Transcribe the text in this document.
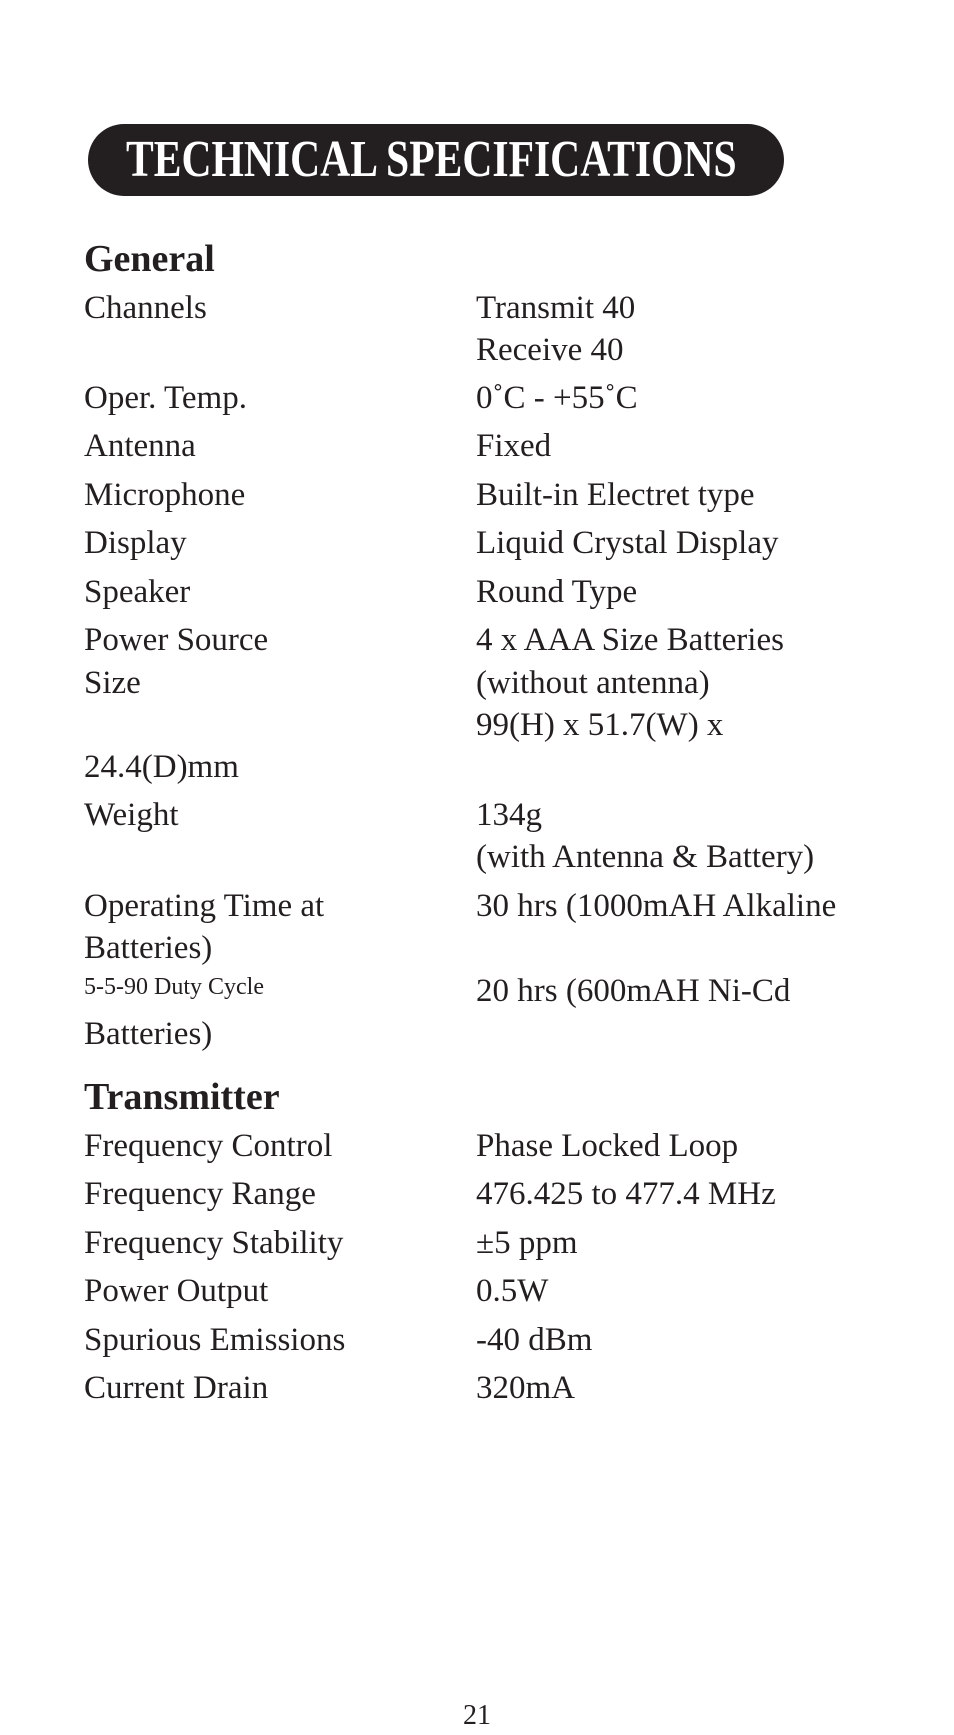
TECHNICAL SPECIFICATIONS
General
Channels	Transmit 40
Receive 40
Oper. Temp.	0˚C - +55˚C
Antenna	Fixed
Microphone	Built-in Electret type
Display	Liquid Crystal Display
Speaker	Round Type
Power Source	4 x AAA Size Batteries
Size	(without antenna)
99(H) x 51.7(W) x
24.4(D)mm
Weight	134g
(with Antenna & Battery)
Operating Time at	30 hrs (1000mAH Alkaline
Batteries)
5-5-90 Duty Cycle	20 hrs (600mAH Ni-Cd
Batteries)
Transmitter
Frequency Control	Phase Locked Loop
Frequency Range	476.425 to 477.4 MHz
Frequency Stability	±5 ppm
Power Output	0.5W
Spurious Emissions	-40 dBm
Current Drain	320mA
21
